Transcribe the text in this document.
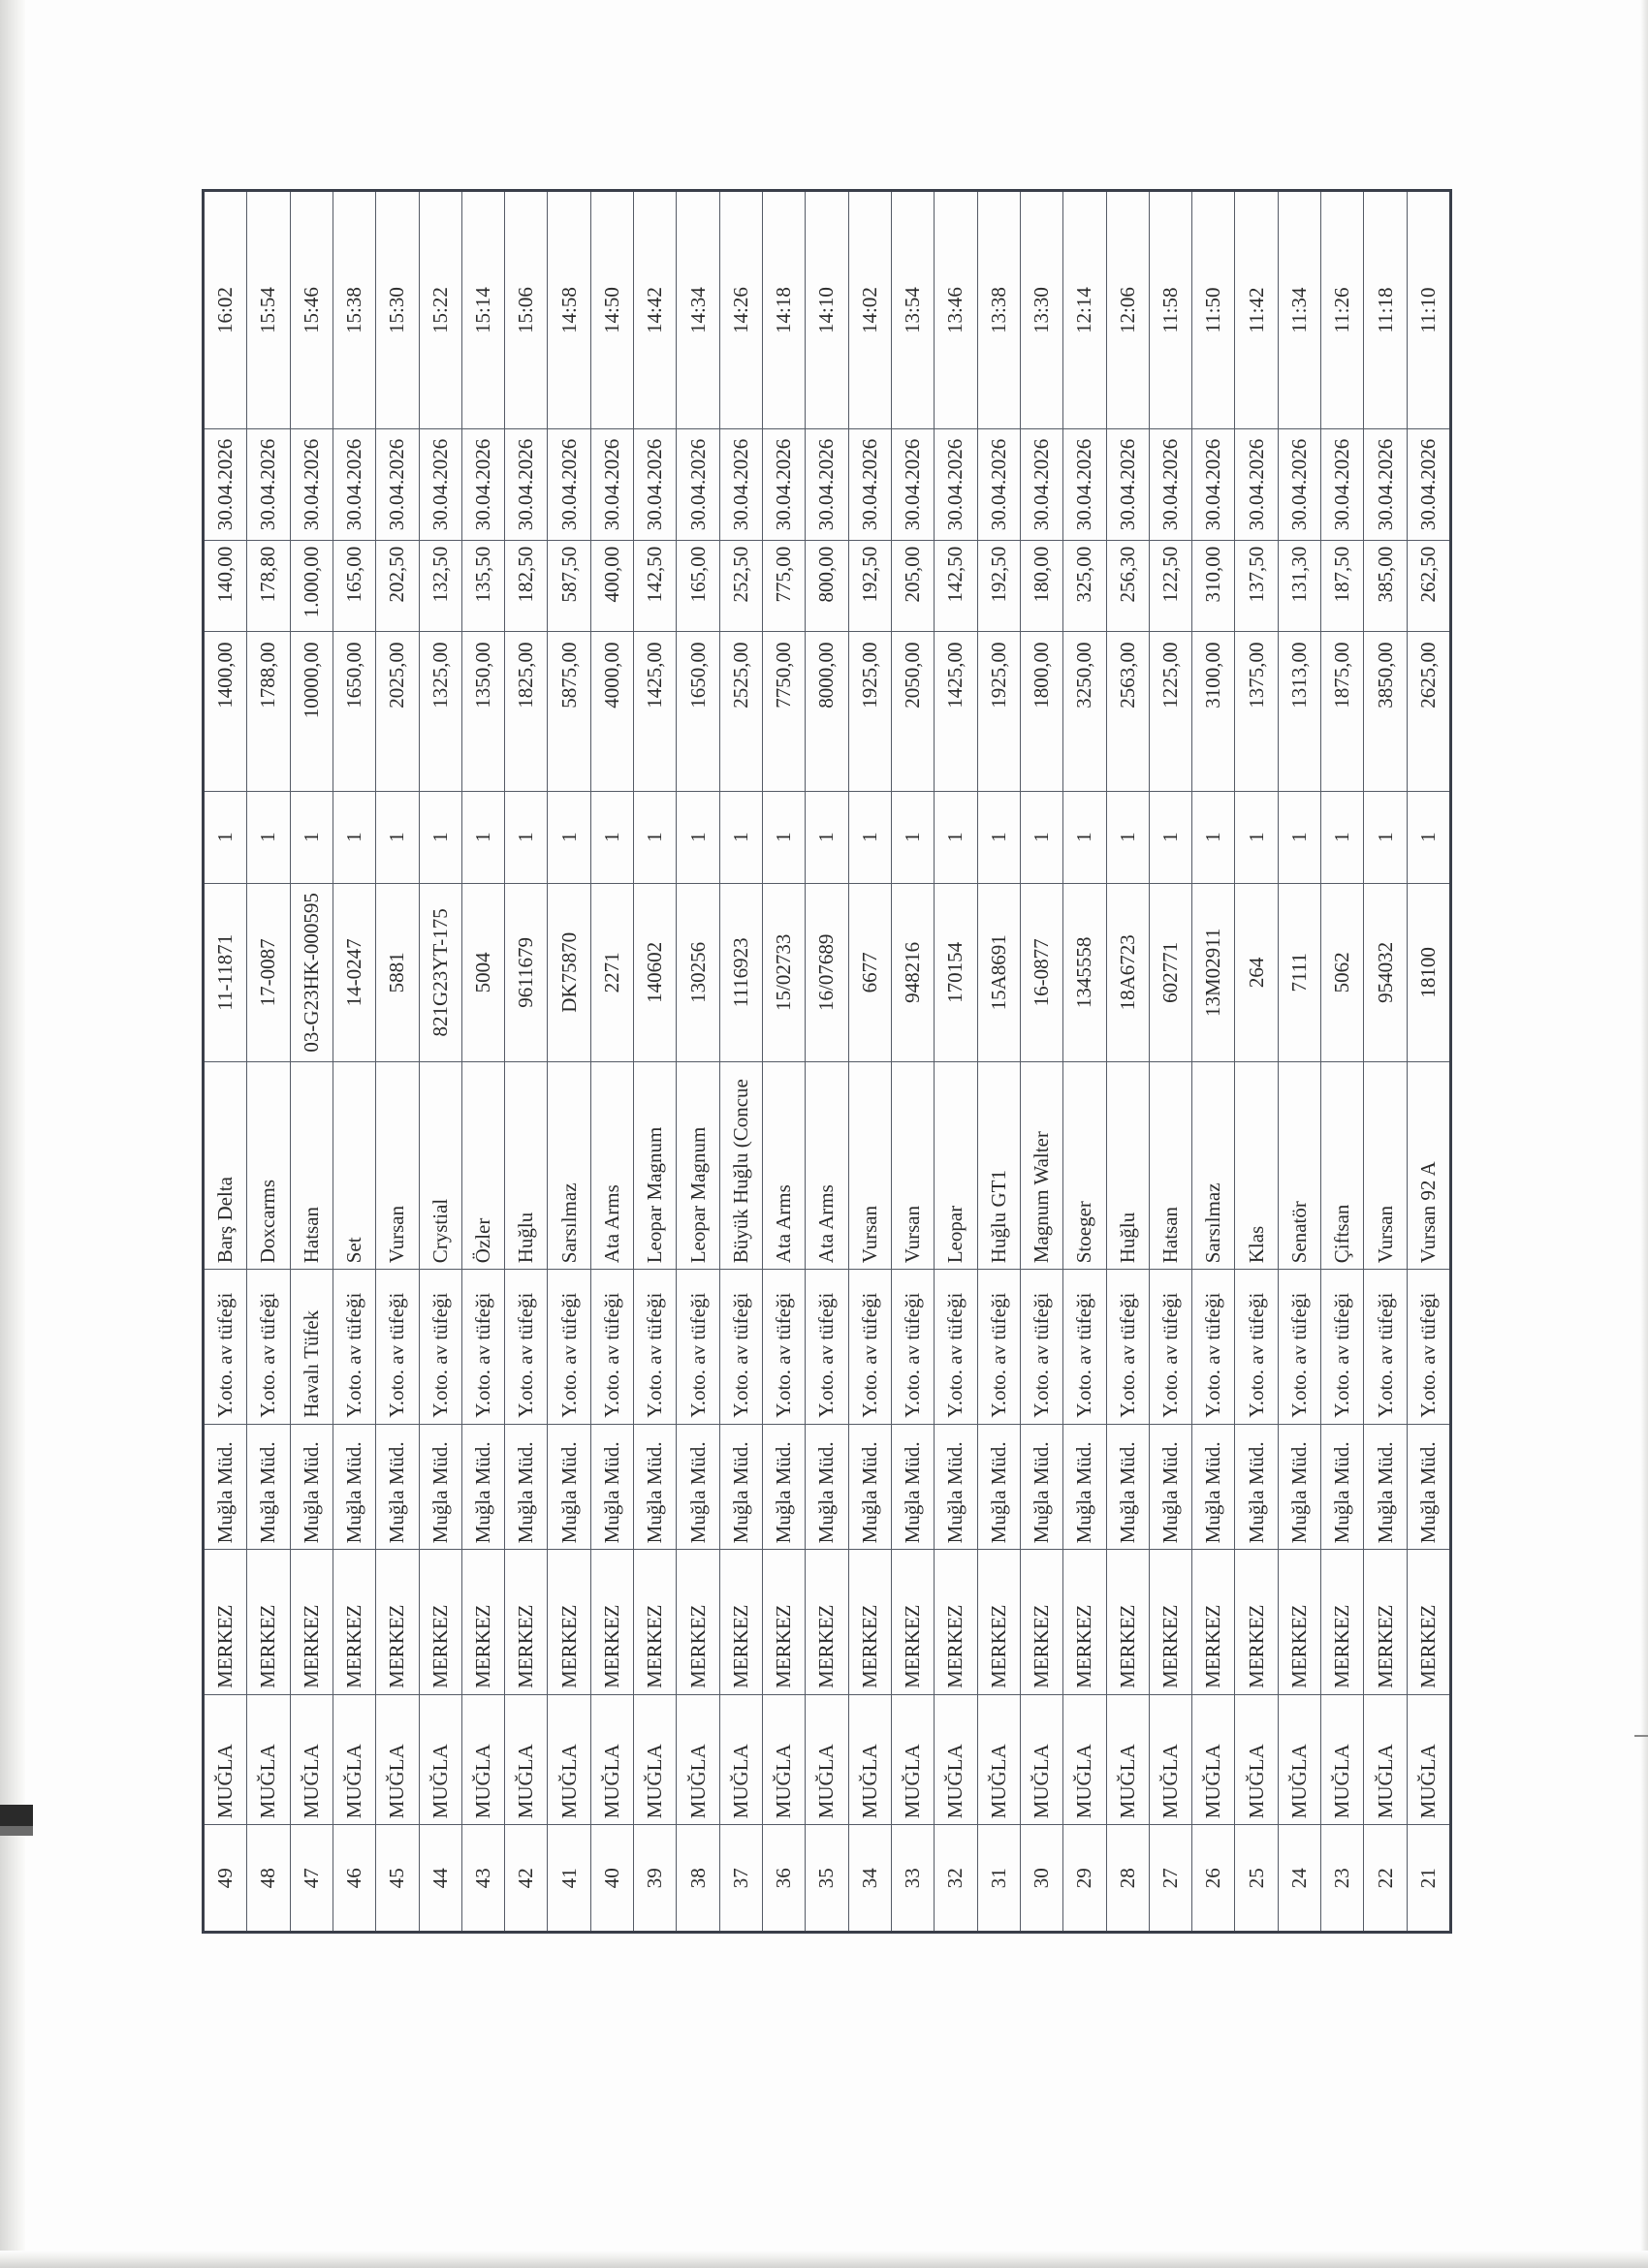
21
MUĞLA
MERKEZ
Muğla Müd.
Y.oto. av tüfeği
Vursan 92 A
18100
1
2625,00
262,50
30.04.2026
11:10
22
MUĞLA
MERKEZ
Muğla Müd.
Y.oto. av tüfeği
Vursan
954032
1
3850,00
385,00
30.04.2026
11:18
23
MUĞLA
MERKEZ
Muğla Müd.
Y.oto. av tüfeği
Çiftsan
5062
1
1875,00
187,50
30.04.2026
11:26
24
MUĞLA
MERKEZ
Muğla Müd.
Y.oto. av tüfeği
Senatör
7111
1
1313,00
131,30
30.04.2026
11:34
25
MUĞLA
MERKEZ
Muğla Müd.
Y.oto. av tüfeği
Klas
264
1
1375,00
137,50
30.04.2026
11:42
26
MUĞLA
MERKEZ
Muğla Müd.
Y.oto. av tüfeği
Sarsılmaz
13M02911
1
3100,00
310,00
30.04.2026
11:50
27
MUĞLA
MERKEZ
Muğla Müd.
Y.oto. av tüfeği
Hatsan
602771
1
1225,00
122,50
30.04.2026
11:58
28
MUĞLA
MERKEZ
Muğla Müd.
Y.oto. av tüfeği
Huğlu
18A6723
1
2563,00
256,30
30.04.2026
12:06
29
MUĞLA
MERKEZ
Muğla Müd.
Y.oto. av tüfeği
Stoeger
1345558
1
3250,00
325,00
30.04.2026
12:14
30
MUĞLA
MERKEZ
Muğla Müd.
Y.oto. av tüfeği
Magnum Walter
16-0877
1
1800,00
180,00
30.04.2026
13:30
31
MUĞLA
MERKEZ
Muğla Müd.
Y.oto. av tüfeği
Huğlu GT1
15A8691
1
1925,00
192,50
30.04.2026
13:38
32
MUĞLA
MERKEZ
Muğla Müd.
Y.oto. av tüfeği
Leopar
170154
1
1425,00
142,50
30.04.2026
13:46
33
MUĞLA
MERKEZ
Muğla Müd.
Y.oto. av tüfeği
Vursan
948216
1
2050,00
205,00
30.04.2026
13:54
34
MUĞLA
MERKEZ
Muğla Müd.
Y.oto. av tüfeği
Vursan
6677
1
1925,00
192,50
30.04.2026
14:02
35
MUĞLA
MERKEZ
Muğla Müd.
Y.oto. av tüfeği
Ata Arms
16/07689
1
8000,00
800,00
30.04.2026
14:10
36
MUĞLA
MERKEZ
Muğla Müd.
Y.oto. av tüfeği
Ata Arms
15/02733
1
7750,00
775,00
30.04.2026
14:18
37
MUĞLA
MERKEZ
Muğla Müd.
Y.oto. av tüfeği
Büyük Huğlu (Concue
1116923
1
2525,00
252,50
30.04.2026
14:26
38
MUĞLA
MERKEZ
Muğla Müd.
Y.oto. av tüfeği
Leopar Magnum
130256
1
1650,00
165,00
30.04.2026
14:34
39
MUĞLA
MERKEZ
Muğla Müd.
Y.oto. av tüfeği
Leopar Magnum
140602
1
1425,00
142,50
30.04.2026
14:42
40
MUĞLA
MERKEZ
Muğla Müd.
Y.oto. av tüfeği
Ata Arms
2271
1
4000,00
400,00
30.04.2026
14:50
41
MUĞLA
MERKEZ
Muğla Müd.
Y.oto. av tüfeği
Sarsılmaz
DK75870
1
5875,00
587,50
30.04.2026
14:58
42
MUĞLA
MERKEZ
Muğla Müd.
Y.oto. av tüfeği
Huğlu
9611679
1
1825,00
182,50
30.04.2026
15:06
43
MUĞLA
MERKEZ
Muğla Müd.
Y.oto. av tüfeği
Özler
5004
1
1350,00
135,50
30.04.2026
15:14
44
MUĞLA
MERKEZ
Muğla Müd.
Y.oto. av tüfeği
Crystial
821G23YT-175
1
1325,00
132,50
30.04.2026
15:22
45
MUĞLA
MERKEZ
Muğla Müd.
Y.oto. av tüfeği
Vursan
5881
1
2025,00
202,50
30.04.2026
15:30
46
MUĞLA
MERKEZ
Muğla Müd.
Y.oto. av tüfeği
Set
14-0247
1
1650,00
165,00
30.04.2026
15:38
47
MUĞLA
MERKEZ
Muğla Müd.
Havalı Tüfek
Hatsan
03-G23HK-000595
1
10000,00
1.000,00
30.04.2026
15:46
48
MUĞLA
MERKEZ
Muğla Müd.
Y.oto. av tüfeği
Doxcarms
17-0087
1
1788,00
178,80
30.04.2026
15:54
49
MUĞLA
MERKEZ
Muğla Müd.
Y.oto. av tüfeği
Barş Delta
11-11871
1
1400,00
140,00
30.04.2026
16:02
